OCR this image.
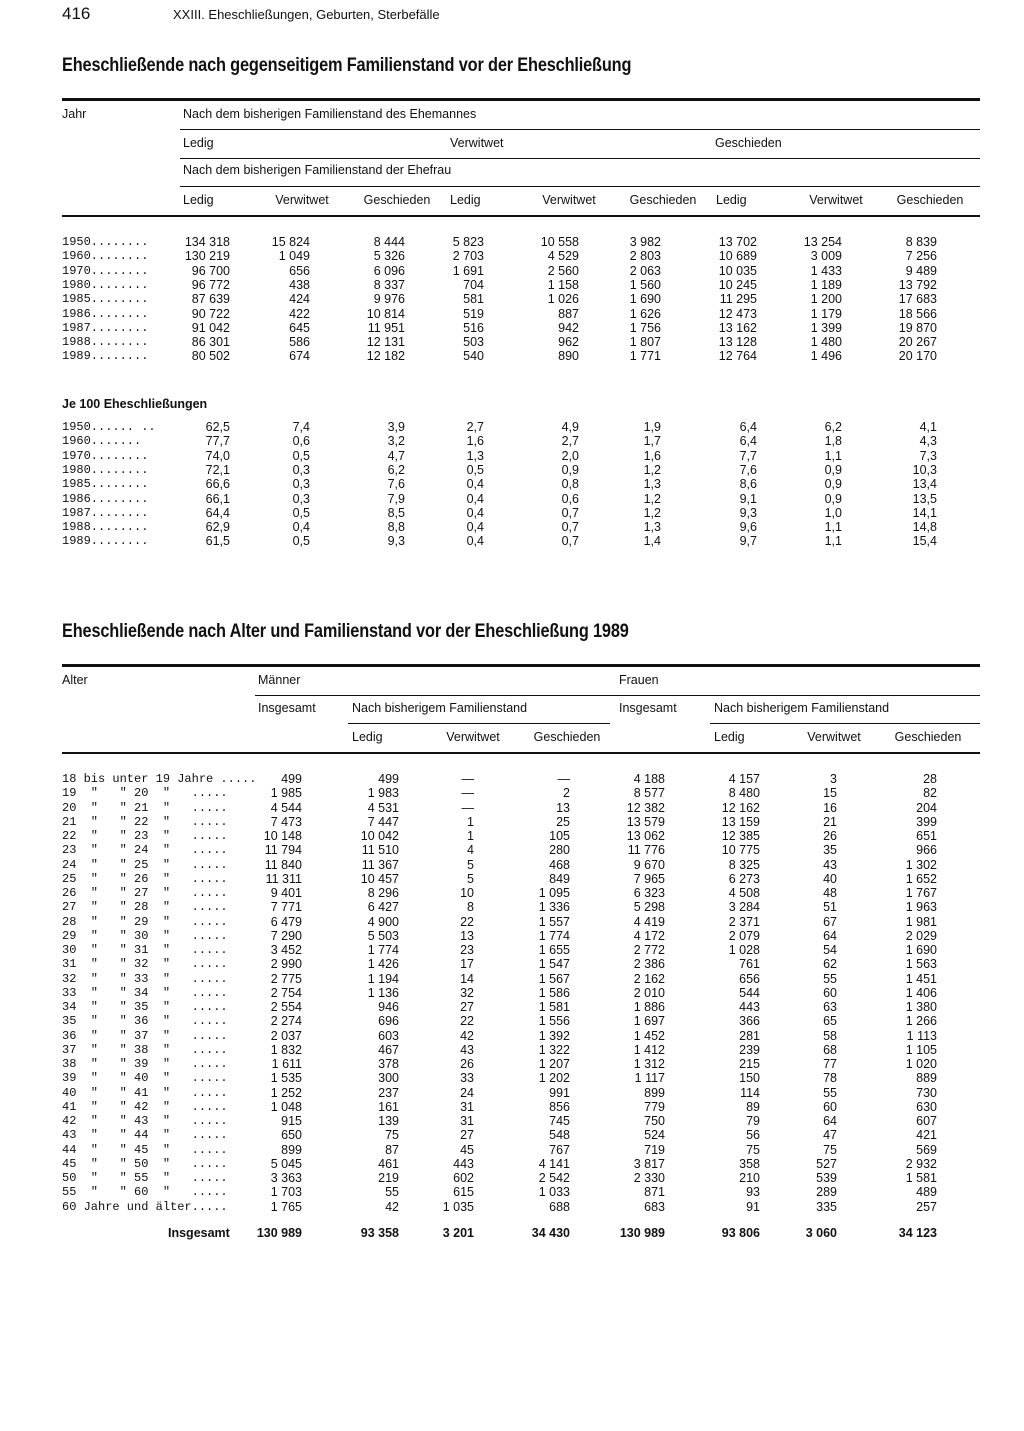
416	XXIII. Eheschließungen, Geburten, Sterbefälle
Eheschließende nach gegenseitigem Familienstand vor der Eheschließung
Jahr	Nach dem bisherigen Familienstand des Ehemannes
Ledig	Verwitwet	Geschieden
Nach dem bisherigen Familienstand der Ehefrau
Ledig	Verwitwet	Geschieden Ledig	Verwitwet	Geschieden Ledig	Verwitwet	Geschieden
1950........	134 318	15 824	8 444	5 823	10 558	3 982	13 702	13 254	8 839
1960........	130 219	1 049	5 326	2 703	4 529	2 803	10 689	3 009	7 256
1970........	96 700	656	6 096	1 691	2 560	2 063	10 035	1 433	9 489
1980........	96 772	438	8 337	704	1 158	1 560	10 245	1 189	13 792
1985........	87 639	424	9 976	581	1 026	1 690	11 295	1 200	17 683
1986........	90 722	422	10 814	519	887	1 626	12 473	1 179	18 566
1987........	91 042	645	11 951	516	942	1 756	13 162	1 399	19 870
1988........	86 301	586	12 131	503	962	1 807	13 128	1 480	20 267
1989........	80 502	674	12 182	540	890	1 771	12 764	1 496	20 170
Je 100 Eheschließungen
1950...... ..	62,5	7,4	3,9	2,7	4,9	1,9	6,4	6,2	4,1
1960.......	77,7	0,6	3,2	1,6	2,7	1,7	6,4	1,8	4,3
1970........	74,0	0,5	4,7	1,3	2,0	1,6	7,7	1,1	7,3
1980........	72,1	0,3	6,2	0,5	0,9	1,2	7,6	0,9	10,3
1985........	66,6	0,3	7,6	0,4	0,8	1,3	8,6	0,9	13,4
1986........	66,1	0,3	7,9	0,4	0,6	1,2	9,1	0,9	13,5
1987........	64,4	0,5	8,5	0,4	0,7	1,2	9,3	1,0	14,1
1988........	62,9	0,4	8,8	0,4	0,7	1,3	9,6	1,1	14,8
1989........	61,5	0,5	9,3	0,4	0,7	1,4	9,7	1,1	15,4
Eheschließende nach Alter und Familienstand vor der Eheschließung 1989
Alter	Männer	Frauen
Insgesamt	Nach bisherigem Familienstand	Insgesamt	Nach bisherigem Familienstand
Ledig	Verwitwet	Geschieden	Ledig	Verwitwet	Geschieden
18 bis unter 19 Jahre ..... 499	499	—	—	4 188	4 157	3	28
19  "   " 20  "   .....	1 985	1 983	—	2	8 577	8 480	15	82
20  "   " 21  "   .....	4 544	4 531	—	13	12 382	12 162	16	204
21  "   " 22  "   .....	7 473	7 447	1	25	13 579	13 159	21	399
22  "   " 23  "   .....	10 148	10 042	1	105	13 062	12 385	26	651
23  "   " 24  "   .....	11 794	11 510	4	280	11 776	10 775	35	966
24  "   " 25  "   .....	11 840	11 367	5	468	9 670	8 325	43	1 302
25  "   " 26  "   .....	11 311	10 457	5	849	7 965	6 273	40	1 652
26  "   " 27  "   .....	9 401	8 296	10	1 095	6 323	4 508	48	1 767
27  "   " 28  "   .....	7 771	6 427	8	1 336	5 298	3 284	51	1 963
28  "   " 29  "   .....	6 479	4 900	22	1 557	4 419	2 371	67	1 981
29  "   " 30  "   .....	7 290	5 503	13	1 774	4 172	2 079	64	2 029
30  "   " 31  "   .....	3 452	1 774	23	1 655	2 772	1 028	54	1 690
31  "   " 32  "   .....	2 990	1 426	17	1 547	2 386	761	62	1 563
32  "   " 33  "   .....	2 775	1 194	14	1 567	2 162	656	55	1 451
33  "   " 34  "   .....	2 754	1 136	32	1 586	2 010	544	60	1 406
34  "   " 35  "   .....	2 554	946	27	1 581	1 886	443	63	1 380
35  "   " 36  "   .....	2 274	696	22	1 556	1 697	366	65	1 266
36  "   " 37  "   .....	2 037	603	42	1 392	1 452	281	58	1 113
37  "   " 38  "   .....	1 832	467	43	1 322	1 412	239	68	1 105
38  "   " 39  "   .....	1 611	378	26	1 207	1 312	215	77	1 020
39  "   " 40  "   .....	1 535	300	33	1 202	1 117	150	78	889
40  "   " 41  "   .....	1 252	237	24	991	899	114	55	730
41  "   " 42  "   .....	1 048	161	31	856	779	89	60	630
42  "   " 43  "   .....	915	139	31	745	750	79	64	607
43  "   " 44  "   .....	650	75	27	548	524	56	47	421
44  "   " 45  "   .....	899	87	45	767	719	75	75	569
45  "   " 50  "   .....	5 045	461	443	4 141	3 817	358	527	2 932
50  "   " 55  "   .....	3 363	219	602	2 542	2 330	210	539	1 581
55  "   " 60  "   .....	1 703	55	615	1 033	871	93	289	489
60 Jahre und älter.....	1 765	42	1 035	688	683	91	335	257
Insgesamt 130 989	93 358	3 201	34 430	130 989	93 806	3 060	34 123
